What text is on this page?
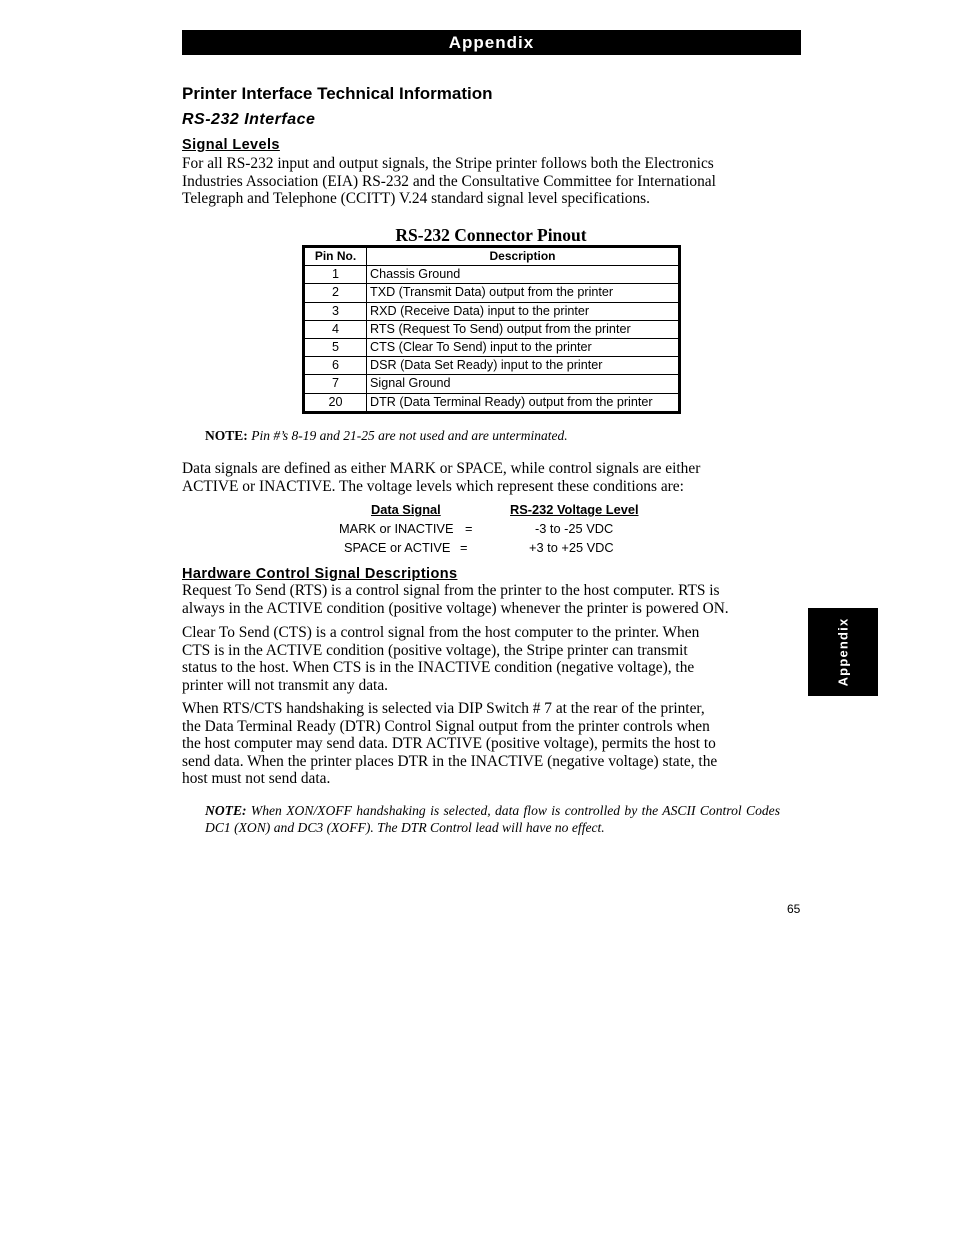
Appendix
Printer Interface Technical Information
RS-232 Interface
Signal Levels
For all RS-232 input and output signals, the Stripe printer follows both the Electronics
Industries Association (EIA) RS-232 and the Consultative Committee for International
Telegraph and Telephone (CCITT) V.24 standard signal level specifications.
RS-232 Connector Pinout
Pin No.	Description
1	Chassis Ground
2	TXD (Transmit Data) output from the printer
3	RXD (Receive Data) input to the printer
4	RTS (Request To Send) output from the printer
5	CTS (Clear To Send) input to the printer
6	DSR (Data Set Ready) input to the printer
7	Signal Ground
20	DTR (Data Terminal Ready) output from the printer
NOTE: Pin #’s 8-19 and 21-25 are not used and are unterminated.
Data signals are defined as either MARK or SPACE, while control signals are either
ACTIVE or INACTIVE. The voltage levels which represent these conditions are:
Data Signal	RS-232 Voltage Level
MARK or INACTIVE =	-3 to -25 VDC
SPACE or ACTIVE =	+3 to +25 VDC
Hardware Control Signal Descriptions
Request To Send (RTS) is a control signal from the printer to the host computer. RTS is
always in the ACTIVE condition (positive voltage) whenever the printer is powered ON.
Clear To Send (CTS) is a control signal from the host computer to the printer. When
CTS is in the ACTIVE condition (positive voltage), the Stripe printer can transmit
status to the host. When CTS is in the INACTIVE condition (negative voltage), the
printer will not transmit any data.
When RTS/CTS handshaking is selected via DIP Switch # 7 at the rear of the printer,
the Data Terminal Ready (DTR) Control Signal output from the printer controls when
the host computer may send data. DTR ACTIVE (positive voltage), permits the host to
send data. When the printer places DTR in the INACTIVE (negative voltage) state, the
host must not send data.
NOTE: When XON/XOFF handshaking is selected, data flow is controlled by the ASCII Control Codes DC1 (XON) and DC3 (XOFF). The DTR Control lead will have no effect.
Appendix
65
